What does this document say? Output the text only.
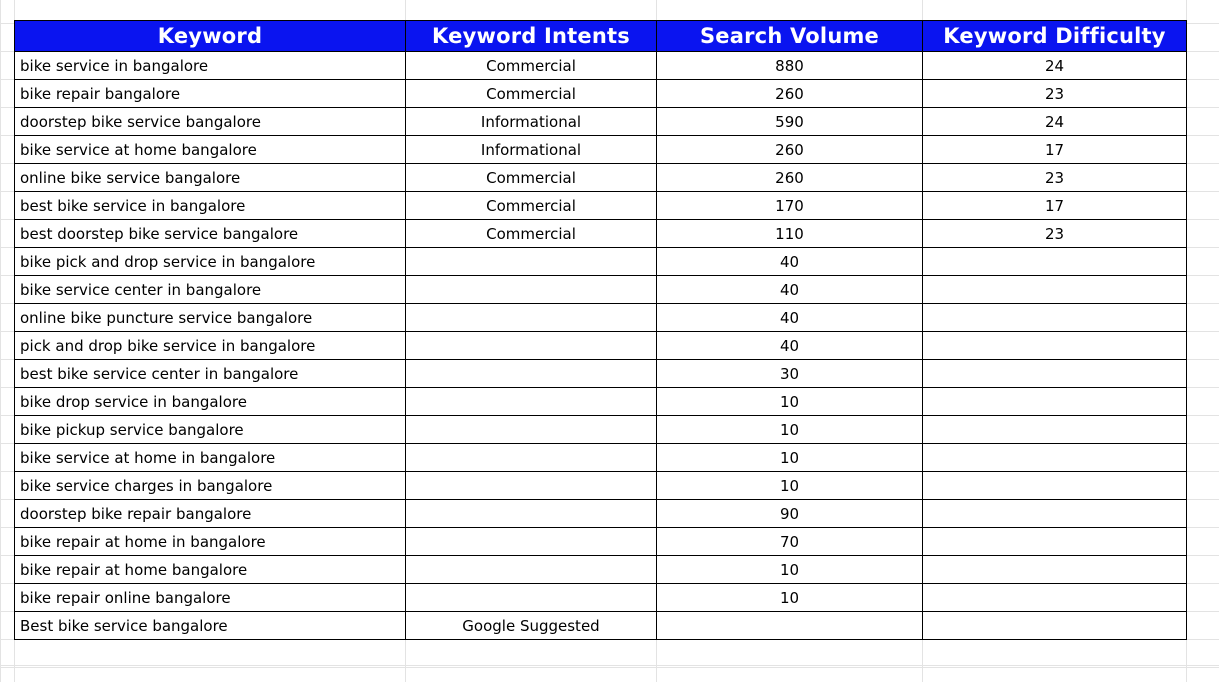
Keyword	Keyword Intents	Search Volume	Keyword Difficulty
bike service in bangalore	Commercial	880	24
bike repair bangalore	Commercial	260	23
doorstep bike service bangalore	Informational	590	24
bike service at home bangalore	Informational	260	17
online bike service bangalore	Commercial	260	23
best bike service in bangalore	Commercial	170	17
best doorstep bike service bangalore	Commercial	110	23
bike pick and drop service in bangalore		40	
bike service center in bangalore		40	
online bike puncture service bangalore		40	
pick and drop bike service in bangalore		40	
best bike service center in bangalore		30	
bike drop service in bangalore		10	
bike pickup service bangalore		10	
bike service at home in bangalore		10	
bike service charges in bangalore		10	
doorstep bike repair bangalore		90	
bike repair at home in bangalore		70	
bike repair at home bangalore		10	
bike repair online bangalore		10	
Best bike service bangalore	Google Suggested		
